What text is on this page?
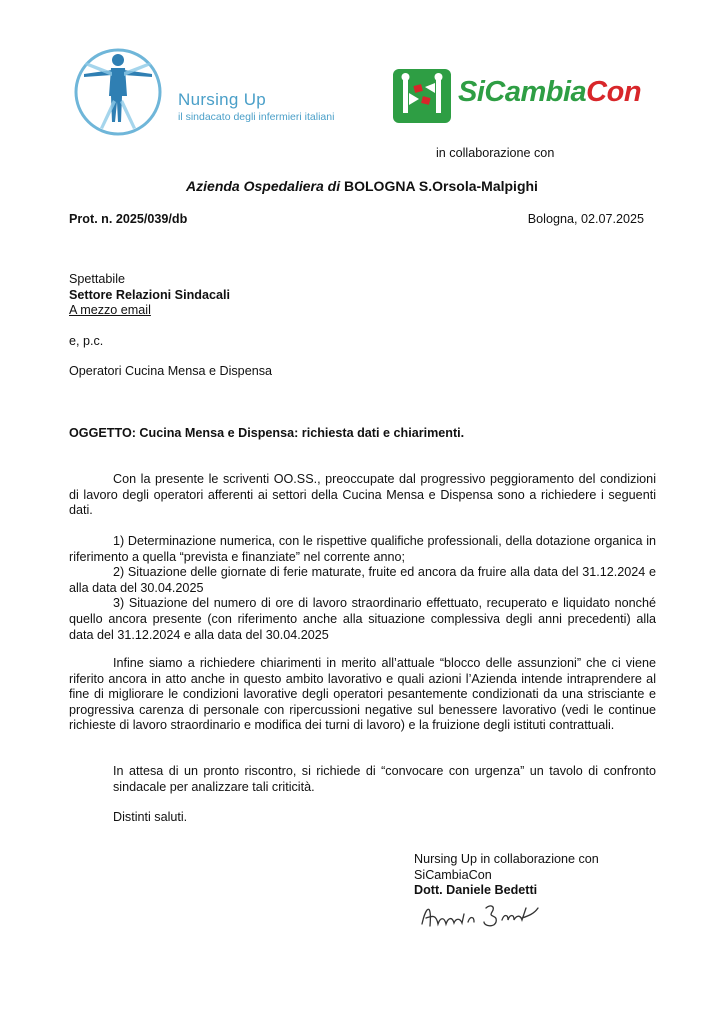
Nursing Up
il sindacato degli infermieri italiani
SiCambiaCon
in collaborazione con
Azienda Ospedaliera di BOLOGNA S.Orsola-Malpighi
Prot. n. 2025/039/db	Bologna, 02.07.2025
Spettabile
Settore Relazioni Sindacali
A mezzo email
e, p.c.
Operatori Cucina Mensa e Dispensa
OGGETTO: Cucina Mensa e Dispensa: richiesta dati e chiarimenti.
Con la presente le scriventi OO.SS., preoccupate dal progressivo peggioramento del condizioni di lavoro degli operatori afferenti ai settori della Cucina Mensa e Dispensa sono a richiedere i seguenti dati.

1) Determinazione numerica, con le rispettive qualifiche professionali, della dotazione organica in riferimento a quella “prevista e finanziate” nel corrente anno;

2) Situazione delle giornate di ferie maturate, fruite ed ancora da fruire alla data del 31.12.2024 e alla data del 30.04.2025

3) Situazione del numero di ore di lavoro straordinario effettuato, recuperato e liquidato nonché quello ancora presente (con riferimento anche alla situazione complessiva degli anni precedenti) alla data del 31.12.2024 e alla data del 30.04.2025

Infine siamo a richiedere chiarimenti in merito all’attuale “blocco delle assunzioni” che ci viene riferito ancora in atto anche in questo ambito lavorativo e quali azioni l’Azienda intende intraprendere al fine di migliorare le condizioni lavorative degli operatori pesantemente condizionati da una strisciante e progressiva carenza di personale con ripercussioni negative sul benessere lavorativo (vedi le continue richieste di lavoro straordinario e modifica dei turni di lavoro) e la fruizione degli istituti contrattuali.
In attesa di un pronto riscontro, si richiede di “convocare con urgenza” un tavolo di confronto sindacale per analizzare tali criticità.
Distinti saluti.
Nursing Up in collaborazione con
SiCambiaCon
Dott. Daniele Bedetti
